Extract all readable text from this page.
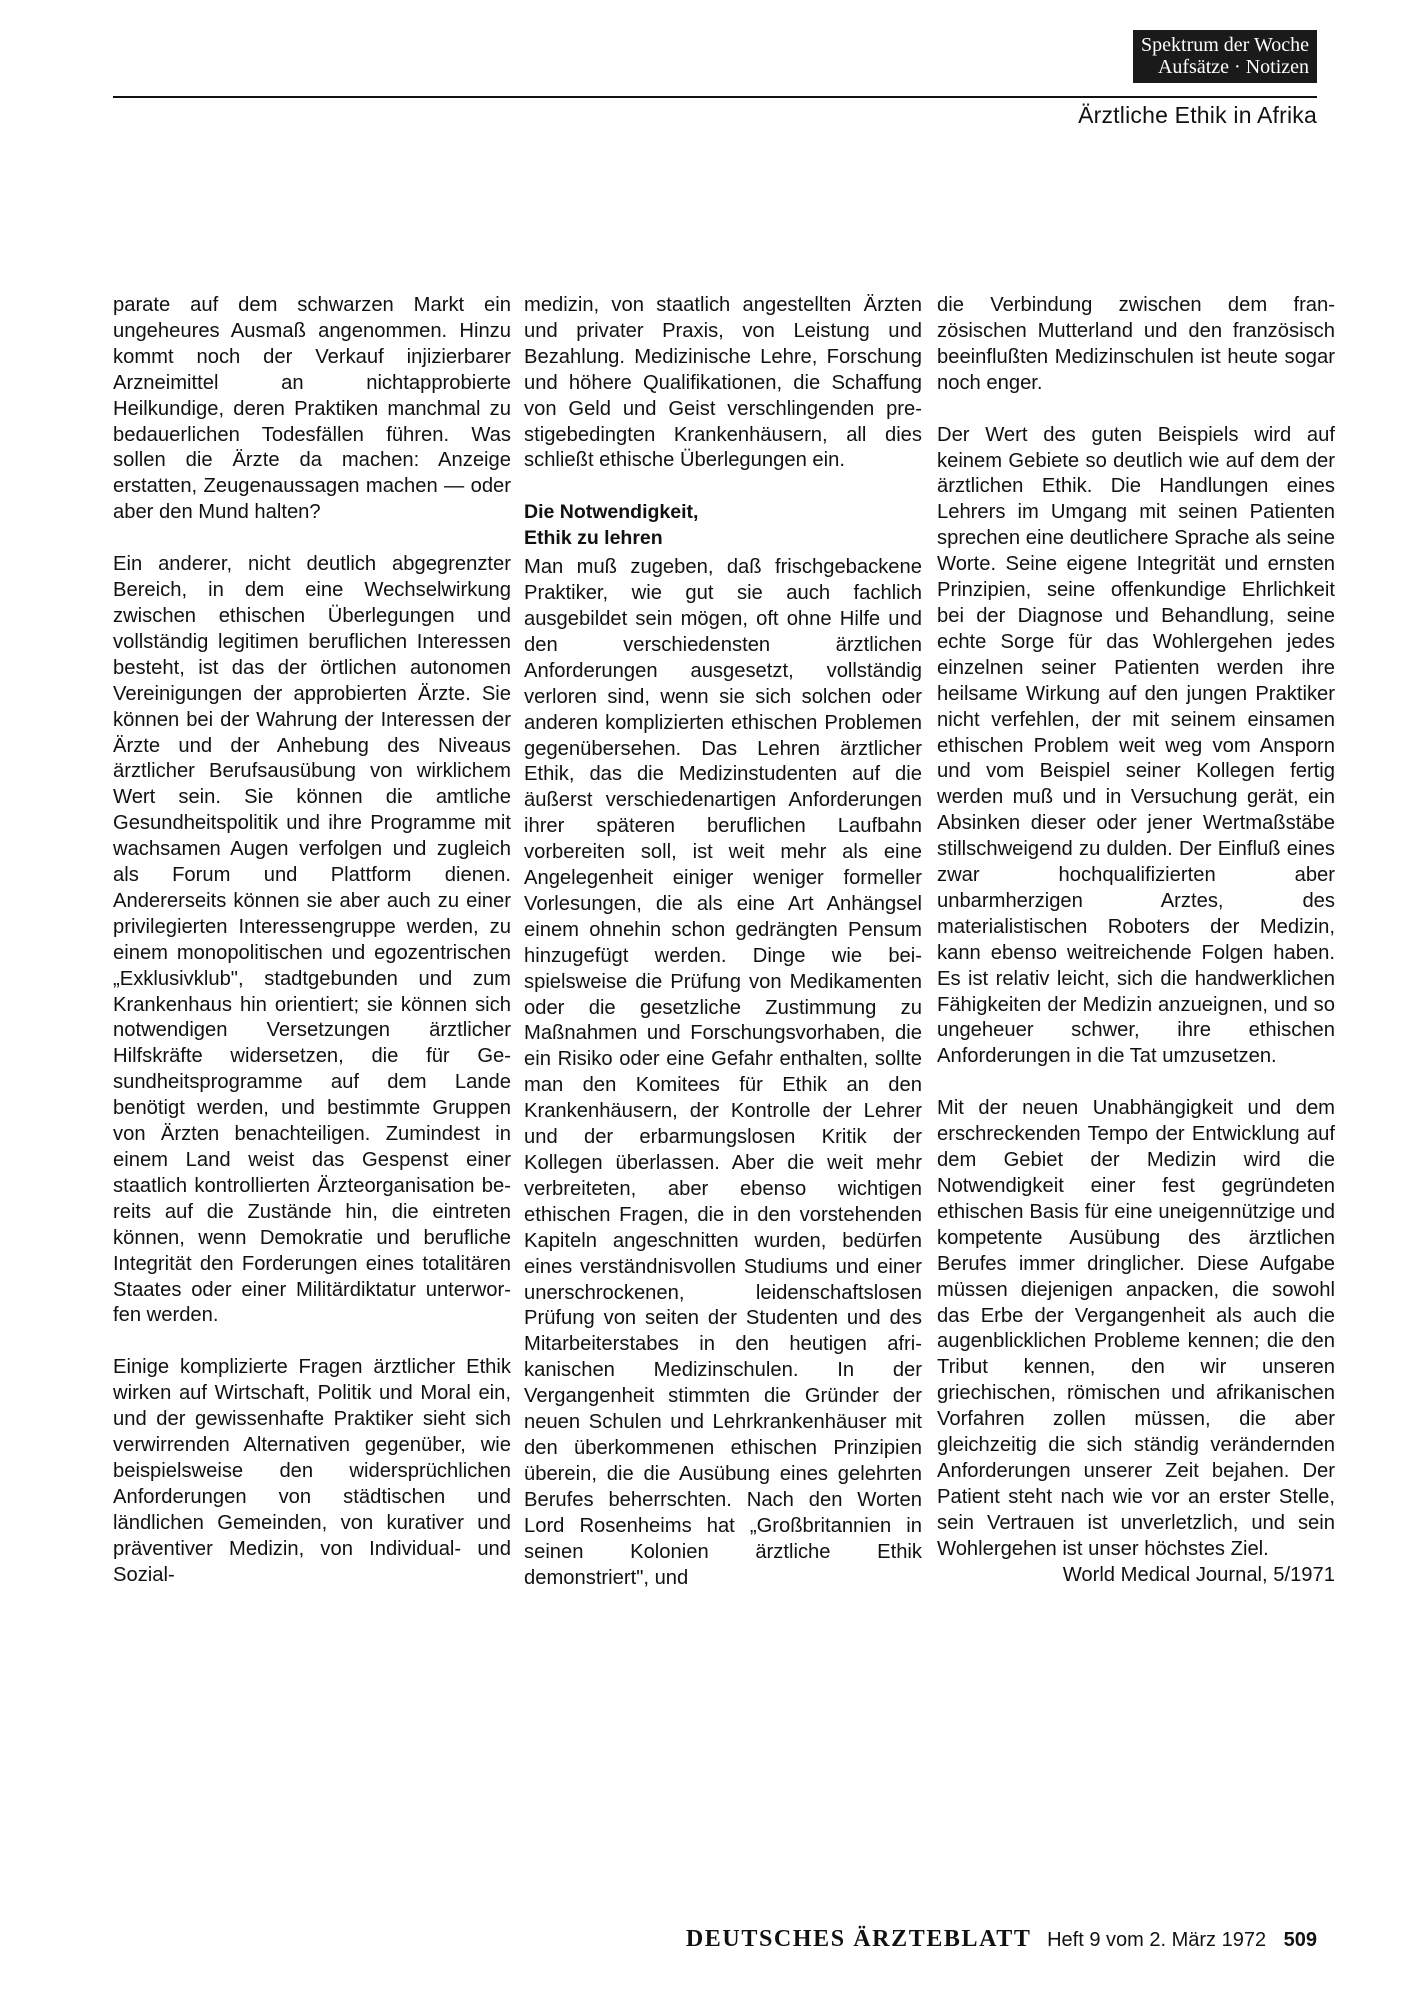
Spektrum der Woche
Aufsätze · Notizen
Ärztliche Ethik in Afrika

parate auf dem schwarzen Markt ein ungeheures Ausmaß angenommen. Hinzu kommt noch der Verkauf injizierbarer Arzneimittel an nichtapprobierte Heilkundige, deren Praktiken manchmal zu bedauerlichen Todesfällen führen. Was sollen die Ärzte da machen: Anzeige erstatten, Zeugenaussagen machen — oder aber den Mund halten?

Ein anderer, nicht deutlich abgegrenzter Bereich, in dem eine Wechselwirkung zwischen ethischen Überlegungen und vollständig legitimen beruflichen Interessen besteht, ist das der örtlichen autonomen Vereinigungen der approbierten Ärzte. Sie können bei der Wahrung der Interessen der Ärzte und der Anhebung des Niveaus ärztlicher Berufsausübung von wirklichem Wert sein. Sie können die amtliche Gesundheitspolitik und ihre Programme mit wachsamen Augen verfolgen und zugleich als Forum und Plattform dienen. Andererseits können sie aber auch zu einer privilegierten Interessengruppe werden, zu einem monopolitischen und egozentrischen „Exklusivklub", stadtgebunden und zum Krankenhaus hin orientiert; sie können sich notwendigen Versetzungen ärztlicher Hilfskräfte widersetzen, die für Gesundheitsprogramme auf dem Lande benötigt werden, und bestimmte Gruppen von Ärzten benachteiligen. Zumindest in einem Land weist das Gespenst einer staatlich kontrollierten Ärzteorganisation bereits auf die Zustände hin, die eintreten können, wenn Demokratie und berufliche Integrität den Forderungen eines totalitären Staates oder einer Militärdiktatur unterworfen werden.

Einige komplizierte Fragen ärztlicher Ethik wirken auf Wirtschaft, Politik und Moral ein, und der gewissenhafte Praktiker sieht sich verwirrenden Alternativen gegenüber, wie beispielsweise den widersprüchlichen Anforderungen von städtischen und ländlichen Gemeinden, von kurativer und präventiver Medizin, von Individual- und Sozial-

medizin, von staatlich angestellten Ärzten und privater Praxis, von Leistung und Bezahlung. Medizinische Lehre, Forschung und höhere Qualifikationen, die Schaffung von Geld und Geist verschlingenden prestigebedingten Krankenhäusern, all dies schließt ethische Überlegungen ein.

Die Notwendigkeit,
Ethik zu lehren

Man muß zugeben, daß frischgebackene Praktiker, wie gut sie auch fachlich ausgebildet sein mögen, oft ohne Hilfe und den verschiedensten ärztlichen Anforderungen ausgesetzt, vollständig verloren sind, wenn sie sich solchen oder anderen komplizierten ethischen Problemen gegenübersehen. Das Lehren ärztlicher Ethik, das die Medizinstudenten auf die äußerst verschiedenartigen Anforderungen ihrer späteren beruflichen Laufbahn vorbereiten soll, ist weit mehr als eine Angelegenheit einiger weniger formeller Vorlesungen, die als eine Art Anhängsel einem ohnehin schon gedrängten Pensum hinzugefügt werden. Dinge wie beispielsweise die Prüfung von Medikamenten oder die gesetzliche Zustimmung zu Maßnahmen und Forschungsvorhaben, die ein Risiko oder eine Gefahr enthalten, sollte man den Komitees für Ethik an den Krankenhäusern, der Kontrolle der Lehrer und der erbarmungslosen Kritik der Kollegen überlassen. Aber die weit mehr verbreiteten, aber ebenso wichtigen ethischen Fragen, die in den vorstehenden Kapiteln angeschnitten wurden, bedürfen eines verständnisvollen Studiums und einer unerschrockenen, leidenschaftslosen Prüfung von seiten der Studenten und des Mitarbeiterstabes in den heutigen afrikanischen Medizinschulen. In der Vergangenheit stimmten die Gründer der neuen Schulen und Lehrkrankenhäuser mit den überkommenen ethischen Prinzipien überein, die die Ausübung eines gelehrten Berufes beherrschten. Nach den Worten Lord Rosenheims hat „Großbritannien in seinen Kolonien ärztliche Ethik demonstriert", und

die Verbindung zwischen dem französischen Mutterland und den französisch beeinflußten Medizinschulen ist heute sogar noch enger.

Der Wert des guten Beispiels wird auf keinem Gebiete so deutlich wie auf dem der ärztlichen Ethik. Die Handlungen eines Lehrers im Umgang mit seinen Patienten sprechen eine deutlichere Sprache als seine Worte. Seine eigene Integrität und ernsten Prinzipien, seine offenkundige Ehrlichkeit bei der Diagnose und Behandlung, seine echte Sorge für das Wohlergehen jedes einzelnen seiner Patienten werden ihre heilsame Wirkung auf den jungen Praktiker nicht verfehlen, der mit seinem einsamen ethischen Problem weit weg vom Ansporn und vom Beispiel seiner Kollegen fertig werden muß und in Versuchung gerät, ein Absinken dieser oder jener Wertmaßstäbe stillschweigend zu dulden. Der Einfluß eines zwar hochqualifizierten aber unbarmherzigen Arztes, des materialistischen Roboters der Medizin, kann ebenso weitreichende Folgen haben. Es ist relativ leicht, sich die handwerklichen Fähigkeiten der Medizin anzueignen, und so ungeheuer schwer, ihre ethischen Anforderungen in die Tat umzusetzen.

Mit der neuen Unabhängigkeit und dem erschreckenden Tempo der Entwicklung auf dem Gebiet der Medizin wird die Notwendigkeit einer fest gegründeten ethischen Basis für eine uneigennützige und kompetente Ausübung des ärztlichen Berufes immer dringlicher. Diese Aufgabe müssen diejenigen anpacken, die sowohl das Erbe der Vergangenheit als auch die augenblicklichen Probleme kennen; die den Tribut kennen, den wir unseren griechischen, römischen und afrikanischen Vorfahren zollen müssen, die aber gleichzeitig die sich ständig verändernden Anforderungen unserer Zeit bejahen. Der Patient steht nach wie vor an erster Stelle, sein Vertrauen ist unverletzlich, und sein Wohlergehen ist unser höchstes Ziel.

World Medical Journal, 5/1971
DEUTSCHES ÄRZTEBLATT Heft 9 vom 2. März 1972 509
